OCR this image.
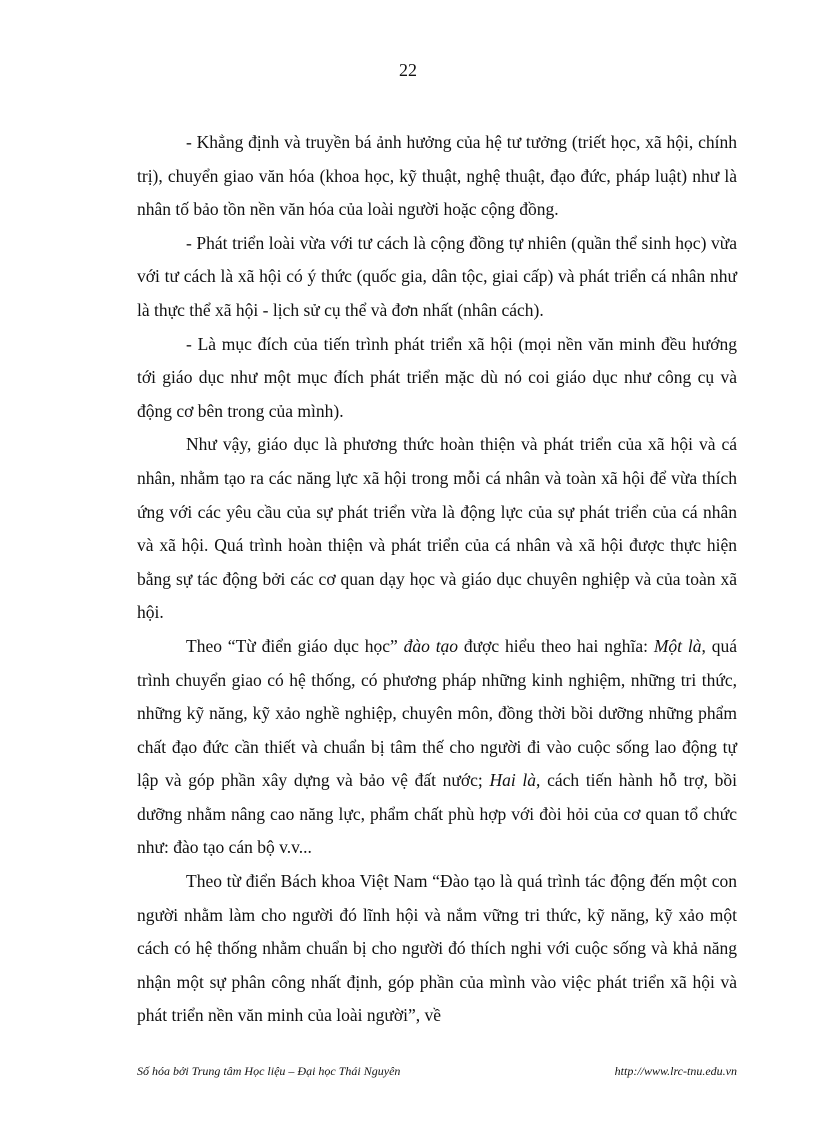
22

- Khẳng định và truyền bá ảnh hưởng của hệ tư tưởng (triết học, xã hội, chính trị), chuyển giao văn hóa (khoa học, kỹ thuật, nghệ thuật, đạo đức, pháp luật) như là nhân tố bảo tồn nền văn hóa của loài người hoặc cộng đồng.

- Phát triển loài vừa với tư cách là cộng đồng tự nhiên (quần thể sinh học) vừa với tư cách là xã hội có ý thức (quốc gia, dân tộc, giai cấp) và phát triển cá nhân như là thực thể xã hội - lịch sử cụ thể và đơn nhất (nhân cách).

- Là mục đích của tiến trình phát triển xã hội (mọi nền văn minh đều hướng tới giáo dục như một mục đích phát triển mặc dù nó coi giáo dục như công cụ và động cơ bên trong của mình).

Như vậy, giáo dục là phương thức hoàn thiện và phát triển của xã hội và cá nhân, nhằm tạo ra các năng lực xã hội trong mỗi cá nhân và toàn xã hội để vừa thích ứng với các yêu cầu của sự phát triển vừa là động lực của sự phát triển của cá nhân và xã hội. Quá trình hoàn thiện và phát triển của cá nhân và xã hội được thực hiện bằng sự tác động bởi các cơ quan dạy học và giáo dục chuyên nghiệp và của toàn xã hội.

Theo “Từ điển giáo dục học” đào tạo được hiểu theo hai nghĩa: Một là, quá trình chuyển giao có hệ thống, có phương pháp những kinh nghiệm, những tri thức, những kỹ năng, kỹ xảo nghề nghiệp, chuyên môn, đồng thời bồi dưỡng những phẩm chất đạo đức cần thiết và chuẩn bị tâm thế cho người đi vào cuộc sống lao động tự lập và góp phần xây dựng và bảo vệ đất nước; Hai là, cách tiến hành hỗ trợ, bồi dưỡng nhằm nâng cao năng lực, phẩm chất phù hợp với đòi hỏi của cơ quan tổ chức như: đào tạo cán bộ v.v...

Theo từ điển Bách khoa Việt Nam “Đào tạo là quá trình tác động đến một con người nhằm làm cho người đó lĩnh hội và nắm vững tri thức, kỹ năng, kỹ xảo một cách có hệ thống nhằm chuẩn bị cho người đó thích nghi với cuộc sống và khả năng nhận một sự phân công nhất định, góp phần của mình vào việc phát triển xã hội và phát triển nền văn minh của loài người”, về

Số hóa bởi Trung tâm Học liệu – Đại học Thái Nguyên	http://www.lrc-tnu.edu.vn
